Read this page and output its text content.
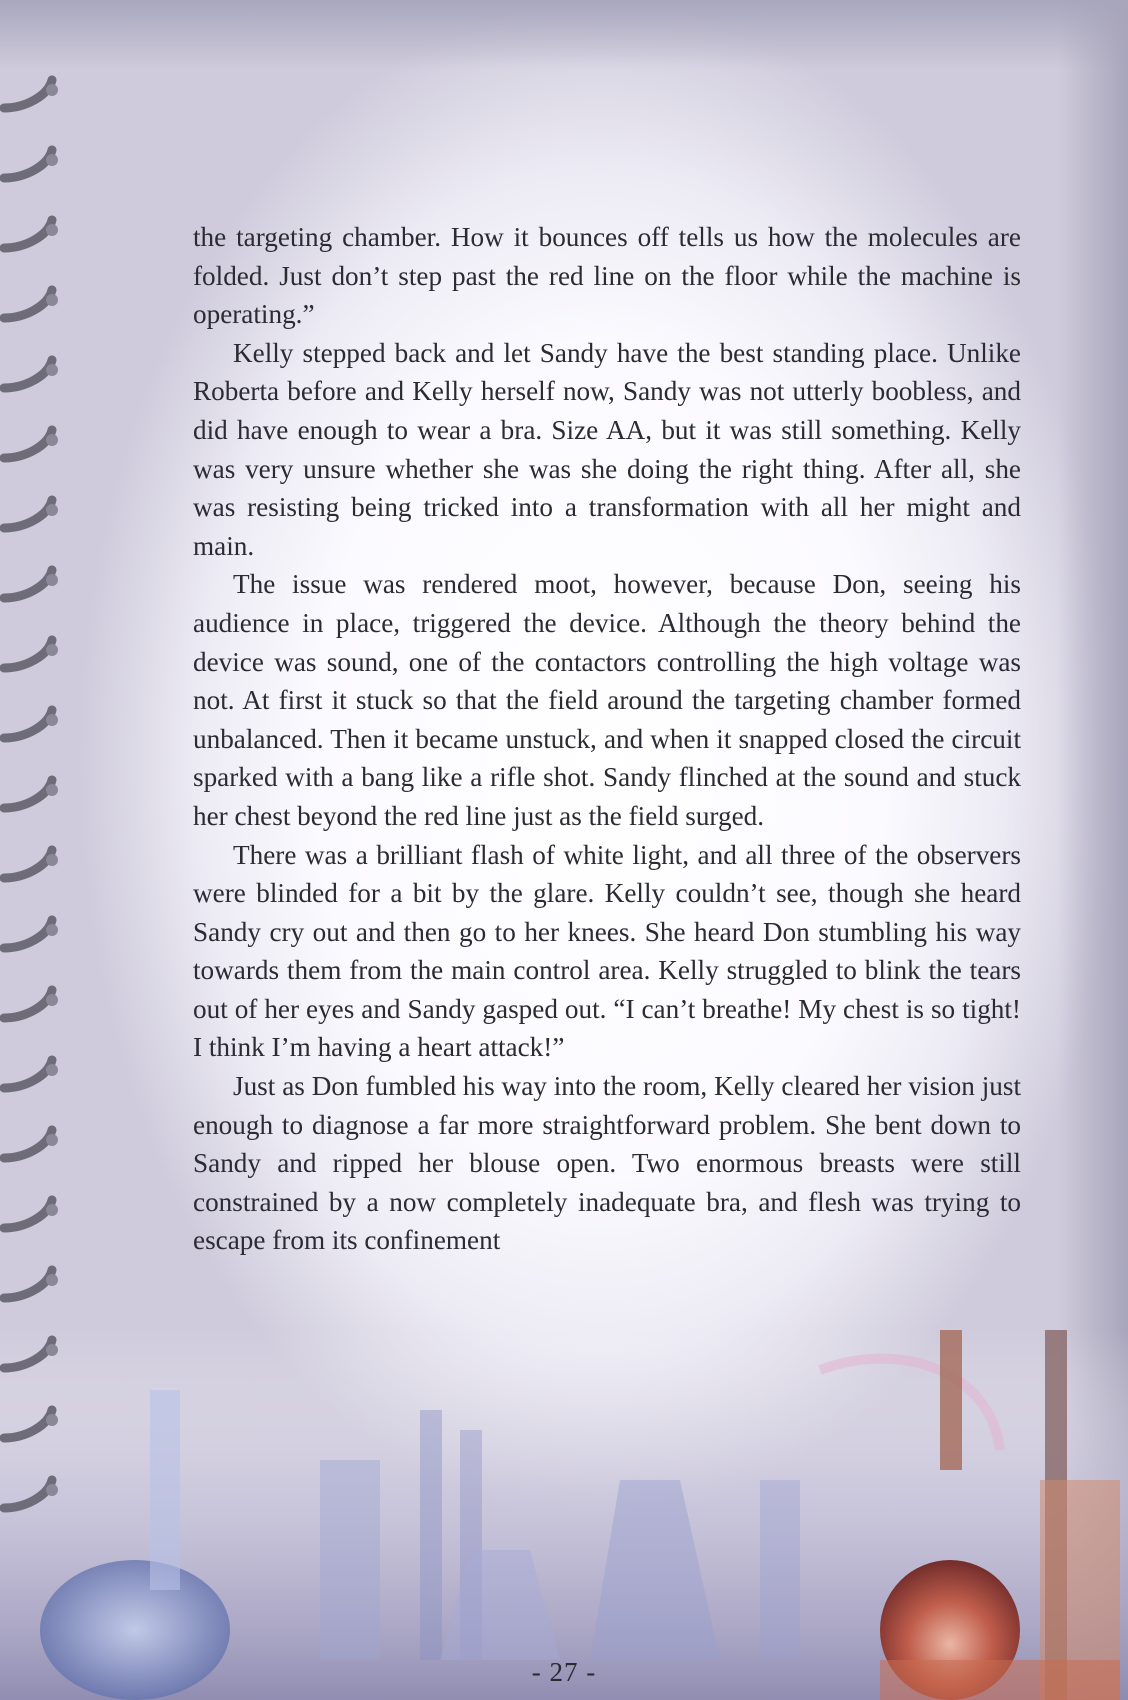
the targeting chamber. How it bounces off tells us how the molecules are folded. Just don’t step past the red line on the floor while the machine is operating.”

Kelly stepped back and let Sandy have the best standing place. Unlike Roberta before and Kelly herself now, Sandy was not utterly boobless, and did have enough to wear a bra. Size AA, but it was still something. Kelly was very unsure whether she was she doing the right thing. After all, she was resisting being tricked into a transformation with all her might and main.

The issue was rendered moot, however, because Don, seeing his audience in place, triggered the device. Although the theory behind the device was sound, one of the contactors controlling the high voltage was not. At first it stuck so that the field around the targeting chamber formed unbalanced. Then it became unstuck, and when it snapped closed the circuit sparked with a bang like a rifle shot. Sandy flinched at the sound and stuck her chest beyond the red line just as the field surged.

There was a brilliant flash of white light, and all three of the observers were blinded for a bit by the glare. Kelly couldn’t see, though she heard Sandy cry out and then go to her knees. She heard Don stumbling his way towards them from the main control area. Kelly struggled to blink the tears out of her eyes and Sandy gasped out. “I can’t breathe! My chest is so tight! I think I’m having a heart attack!”

Just as Don fumbled his way into the room, Kelly cleared her vision just enough to diagnose a far more straightforward problem. She bent down to Sandy and ripped her blouse open. Two enormous breasts were still constrained by a now completely inadequate bra, and flesh was trying to escape from its confinement

- 27 -
